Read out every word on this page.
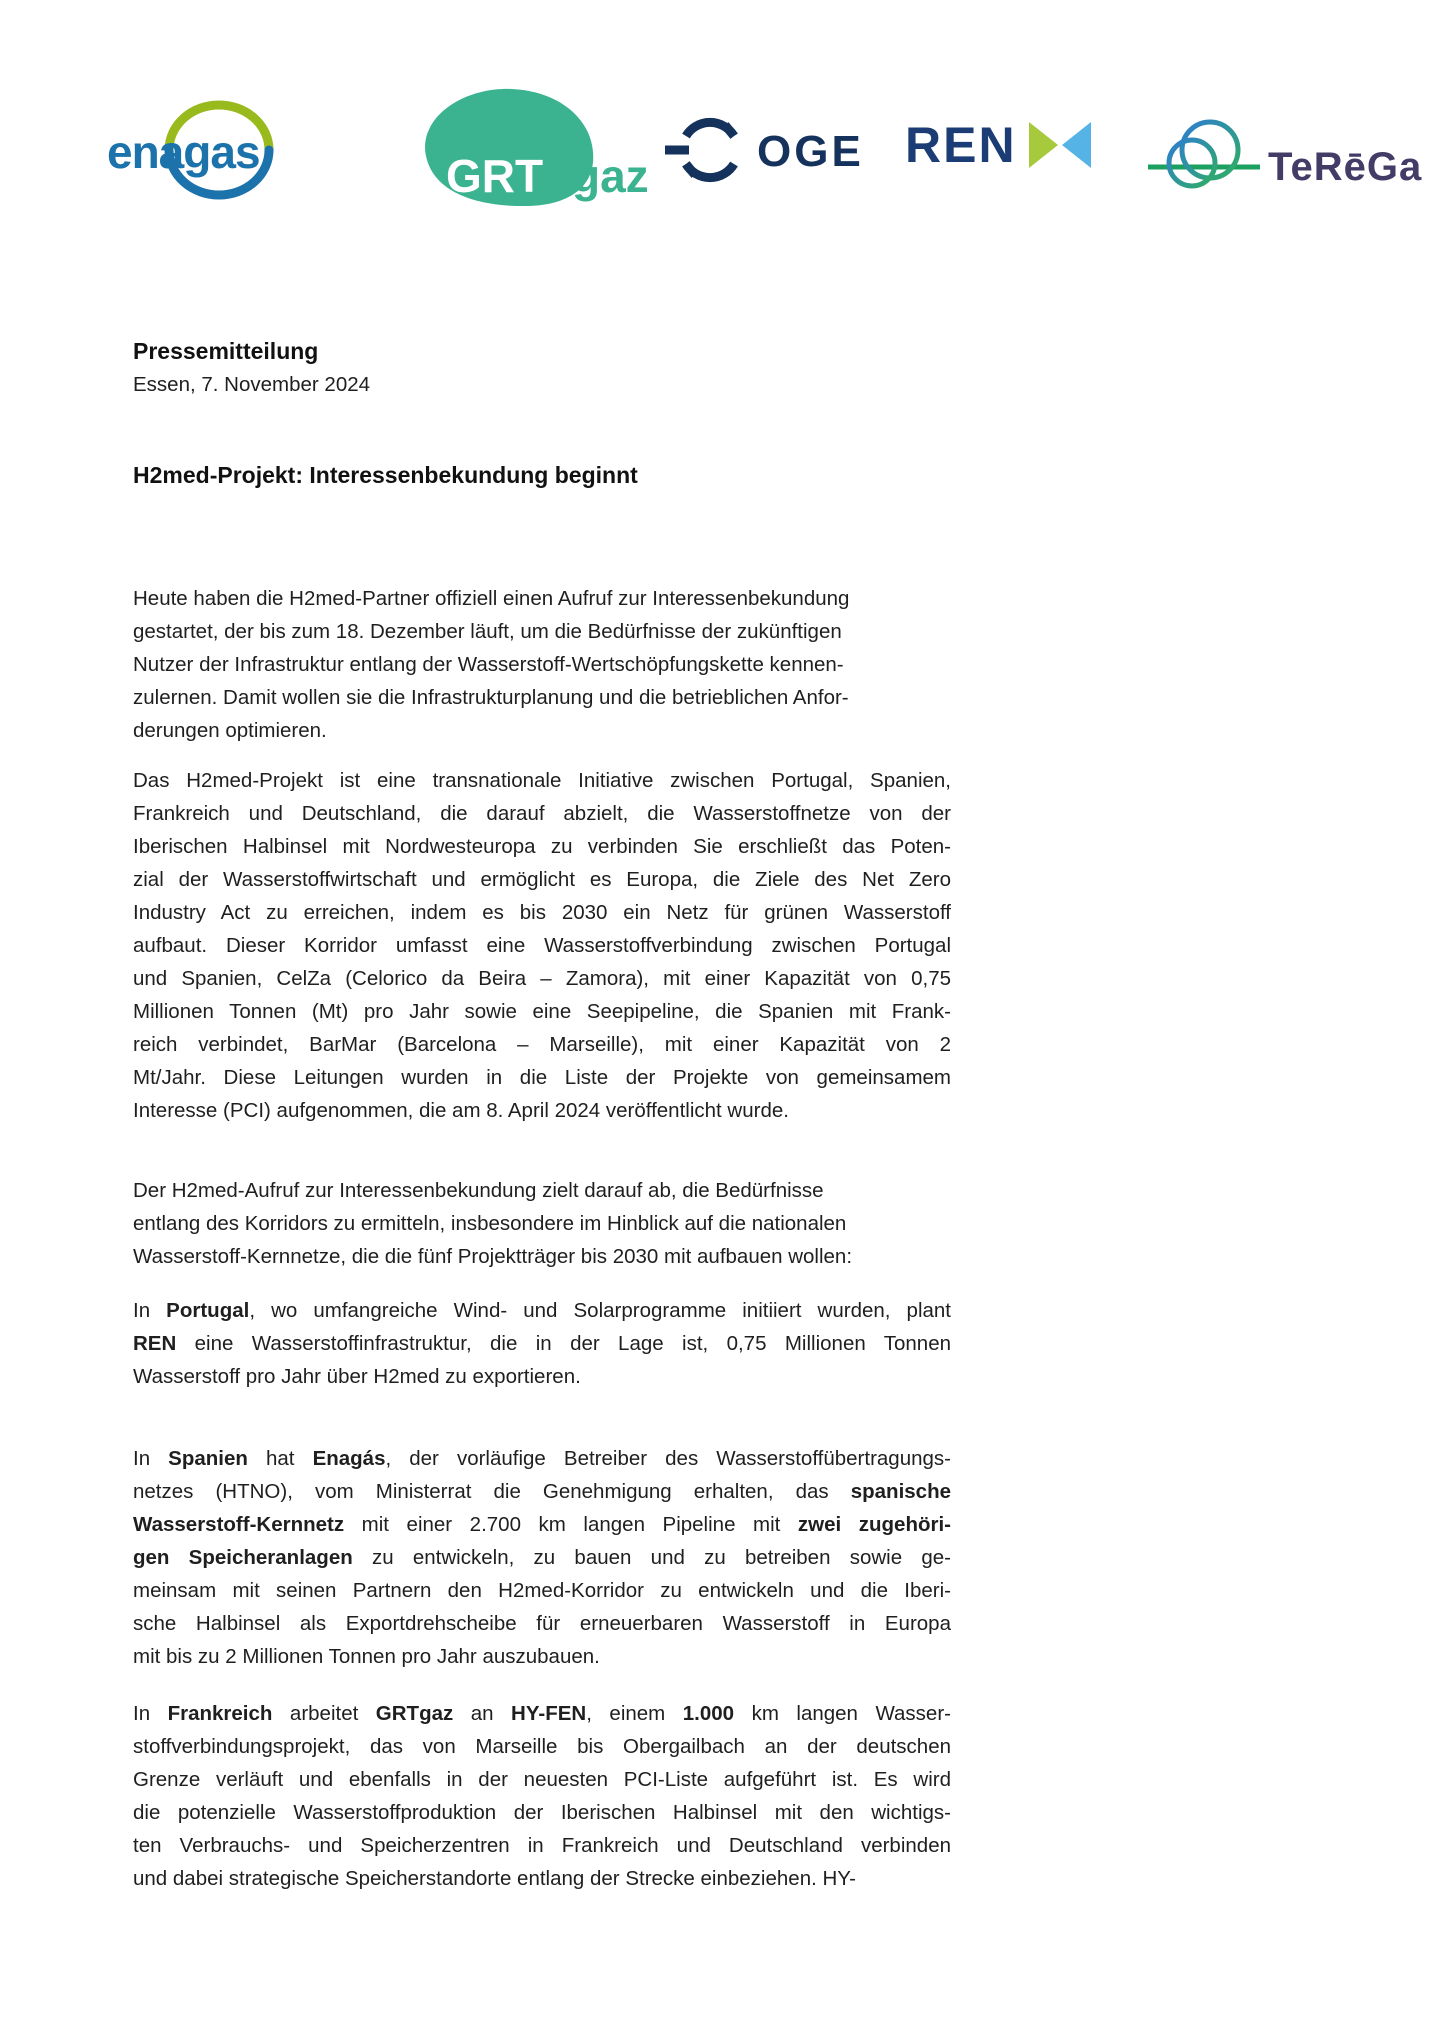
enagas	GRT gaz OGE REN	TeRēGa
Pressemitteilung
Essen, 7. November 2024
H2med-Projekt: Interessenbekundung beginnt
Heute haben die H2med-Partner offiziell einen Aufruf zur Interessenbekundung
gestartet, der bis zum 18. Dezember läuft, um die Bedürfnisse der zukünftigen
Nutzer der Infrastruktur entlang der Wasserstoff-Wertschöpfungskette kennen-
zulernen. Damit wollen sie die Infrastrukturplanung und die betrieblichen Anfor-
derungen optimieren.
Das H2med-Projekt ist eine transnationale Initiative zwischen Portugal, Spanien,
Frankreich und Deutschland, die darauf abzielt, die Wasserstoffnetze von der
Iberischen Halbinsel mit Nordwesteuropa zu verbinden Sie erschließt das Poten-
zial der Wasserstoffwirtschaft und ermöglicht es Europa, die Ziele des Net Zero
Industry Act zu erreichen, indem es bis 2030 ein Netz für grünen Wasserstoff
aufbaut. Dieser Korridor umfasst eine Wasserstoffverbindung zwischen Portugal
und Spanien, CelZa (Celorico da Beira – Zamora), mit einer Kapazität von 0,75
Millionen Tonnen (Mt) pro Jahr sowie eine Seepipeline, die Spanien mit Frank-
reich verbindet, BarMar (Barcelona – Marseille), mit einer Kapazität von 2
Mt/Jahr. Diese Leitungen wurden in die Liste der Projekte von gemeinsamem
Interesse (PCI) aufgenommen, die am 8. April 2024 veröffentlicht wurde.
Der H2med-Aufruf zur Interessenbekundung zielt darauf ab, die Bedürfnisse
entlang des Korridors zu ermitteln, insbesondere im Hinblick auf die nationalen
Wasserstoff-Kernnetze, die die fünf Projektträger bis 2030 mit aufbauen wollen:
In Portugal, wo umfangreiche Wind- und Solarprogramme initiiert wurden, plant
REN eine Wasserstoffinfrastruktur, die in der Lage ist, 0,75 Millionen Tonnen
Wasserstoff pro Jahr über H2med zu exportieren.
In Spanien hat Enagás, der vorläufige Betreiber des Wasserstoffübertragungs-
netzes (HTNO), vom Ministerrat die Genehmigung erhalten, das spanische
Wasserstoff-Kernnetz mit einer 2.700 km langen Pipeline mit zwei zugehöri-
gen Speicheranlagen zu entwickeln, zu bauen und zu betreiben sowie ge-
meinsam mit seinen Partnern den H2med-Korridor zu entwickeln und die Iberi-
sche Halbinsel als Exportdrehscheibe für erneuerbaren Wasserstoff in Europa
mit bis zu 2 Millionen Tonnen pro Jahr auszubauen.
In Frankreich arbeitet GRTgaz an HY-FEN, einem 1.000 km langen Wasser-
stoffverbindungsprojekt, das von Marseille bis Obergailbach an der deutschen
Grenze verläuft und ebenfalls in der neuesten PCI-Liste aufgeführt ist. Es wird
die potenzielle Wasserstoffproduktion der Iberischen Halbinsel mit den wichtigs-
ten Verbrauchs- und Speicherzentren in Frankreich und Deutschland verbinden
und dabei strategische Speicherstandorte entlang der Strecke einbeziehen. HY-
